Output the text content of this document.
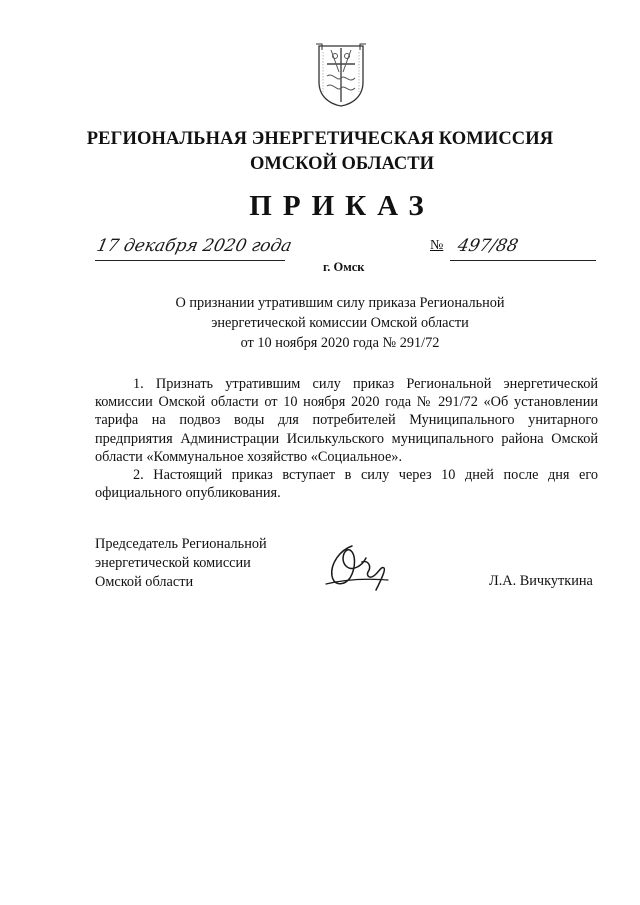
РЕГИОНАЛЬНАЯ ЭНЕРГЕТИЧЕСКАЯ КОМИССИЯ
ОМСКОЙ ОБЛАСТИ
ПРИКАЗ
17 декабря 2020 года	№ 497/88
г. Омск
О признании утратившим силу приказа Региональной
энергетической комиссии Омской области
от 10 ноября 2020 года № 291/72

1. Признать утратившим силу приказ Региональной энергетической комиссии Омской области от 10 ноября 2020 года № 291/72 «Об установлении тарифа на подвоз воды для потребителей Муниципального унитарного предприятия Администрации Исилькульского муниципального района Омской области «Коммунальное хозяйство «Социальное».

2. Настоящий приказ вступает в силу через 10 дней после дня его официального опубликования.

Председатель Региональной
энергетической комиссии
Омской области	Л.А. Вичкуткина
